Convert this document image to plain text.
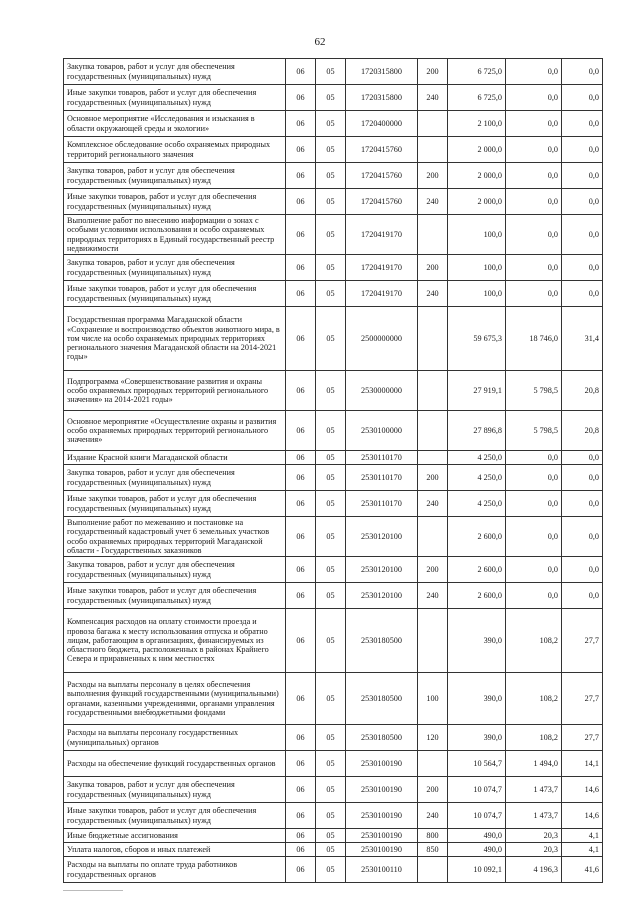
62
Закупка товаров, работ и услуг для обеспечения государственных (муниципальных) нужд	06	05	1720315800	200	6 725,0	0,0	0,0
Иные закупки товаров, работ и услуг для обеспечения государственных (муниципальных) нужд	06	05	1720315800	240	6 725,0	0,0	0,0
Основное мероприятие «Исследования и изыскания в области окружающей среды и экологии»	06	05	1720400000		2 100,0	0,0	0,0
Комплексное обследование особо охраняемых природных территорий регионального значения	06	05	1720415760		2 000,0	0,0	0,0
Закупка товаров, работ и услуг для обеспечения государственных (муниципальных) нужд	06	05	1720415760	200	2 000,0	0,0	0,0
Иные закупки товаров, работ и услуг для обеспечения государственных (муниципальных) нужд	06	05	1720415760	240	2 000,0	0,0	0,0
Выполнение работ по внесению информации о зонах с особыми условиями использования и особо охраняемых природных территориях в Единый государственный реестр недвижимости	06	05	1720419170		100,0	0,0	0,0
Закупка товаров, работ и услуг для обеспечения государственных (муниципальных) нужд	06	05	1720419170	200	100,0	0,0	0,0
Иные закупки товаров, работ и услуг для обеспечения государственных (муниципальных) нужд	06	05	1720419170	240	100,0	0,0	0,0
Государственная программа Магаданской области «Сохранение и воспроизводство объектов животного мира, в том числе на особо охраняемых природных территориях регионального значения Магаданской области на 2014-2021 годы»	06	05	2500000000		59 675,3	18 746,0	31,4
Подпрограмма «Совершенствование развития и охраны особо охраняемых природных территорий регионального значения» на 2014-2021 годы»	06	05	2530000000		27 919,1	5 798,5	20,8
Основное мероприятие «Осуществление охраны и развития особо охраняемых природных территорий регионального значения»	06	05	2530100000		27 896,8	5 798,5	20,8
Издание Красной книги Магаданской области	06	05	2530110170		4 250,0	0,0	0,0
Закупка товаров, работ и услуг для обеспечения государственных (муниципальных) нужд	06	05	2530110170	200	4 250,0	0,0	0,0
Иные закупки товаров, работ и услуг для обеспечения государственных (муниципальных) нужд	06	05	2530110170	240	4 250,0	0,0	0,0
Выполнение работ по межеванию и постановке на государственный кадастровый учет 6 земельных участков особо охраняемых природных территорий Магаданской области - Государственных заказников	06	05	2530120100		2 600,0	0,0	0,0
Закупка товаров, работ и услуг для обеспечения государственных (муниципальных) нужд	06	05	2530120100	200	2 600,0	0,0	0,0
Иные закупки товаров, работ и услуг для обеспечения государственных (муниципальных) нужд	06	05	2530120100	240	2 600,0	0,0	0,0
Компенсация расходов на оплату стоимости проезда и провоза багажа к месту использования отпуска и обратно лицам, работающим в организациях, финансируемых из областного бюджета, расположенных в районах Крайнего Севера и приравненных к ним местностях	06	05	2530180500		390,0	108,2	27,7
Расходы на выплаты персоналу в целях обеспечения выполнения функций государственными (муниципальными) органами, казенными учреждениями, органами управления государственными внебюджетными фондами	06	05	2530180500	100	390,0	108,2	27,7
Расходы на выплаты персоналу государственных (муниципальных) органов	06	05	2530180500	120	390,0	108,2	27,7
Расходы на обеспечение функций государственных органов	06	05	2530100190		10 564,7	1 494,0	14,1
Закупка товаров, работ и услуг для обеспечения государственных (муниципальных) нужд	06	05	2530100190	200	10 074,7	1 473,7	14,6
Иные закупки товаров, работ и услуг для обеспечения государственных (муниципальных) нужд	06	05	2530100190	240	10 074,7	1 473,7	14,6
Иные бюджетные ассигнования	06	05	2530100190	800	490,0	20,3	4,1
Уплата налогов, сборов и иных платежей	06	05	2530100190	850	490,0	20,3	4,1
Расходы на выплаты по оплате труда работников государственных органов	06	05	2530100110		10 092,1	4 196,3	41,6
